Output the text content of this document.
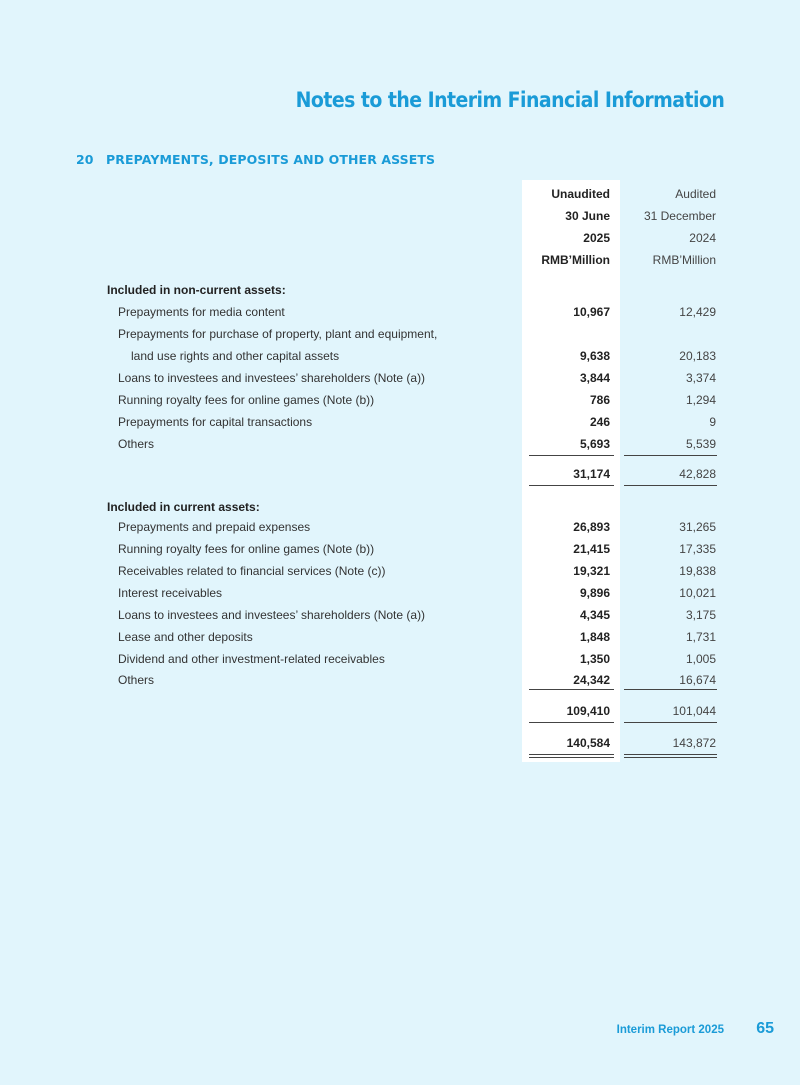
Notes to the Interim Financial Information
20 PREPAYMENTS, DEPOSITS AND OTHER ASSETS
Unaudited	Audited
30 June	31 December
2025	2024
RMB’Million	RMB’Million
Included in non-current assets:
Prepayments for media content	10,967	12,429
Prepayments for purchase of property, plant and equipment,
land use rights and other capital assets	9,638	20,183
Loans to investees and investees’ shareholders (Note (a))	3,844	3,374
Running royalty fees for online games (Note (b))	786	1,294
Prepayments for capital transactions	246	9
Others	5,693	5,539
31,174	42,828
Included in current assets:
Prepayments and prepaid expenses	26,893	31,265
Running royalty fees for online games (Note (b))	21,415	17,335
Receivables related to financial services (Note (c))	19,321	19,838
Interest receivables	9,896	10,021
Loans to investees and investees’ shareholders (Note (a))	4,345	3,175
Lease and other deposits	1,848	1,731
Dividend and other investment-related receivables	1,350	1,005
Others	24,342	16,674
109,410	101,044
140,584	143,872
Interim Report 2025 65
